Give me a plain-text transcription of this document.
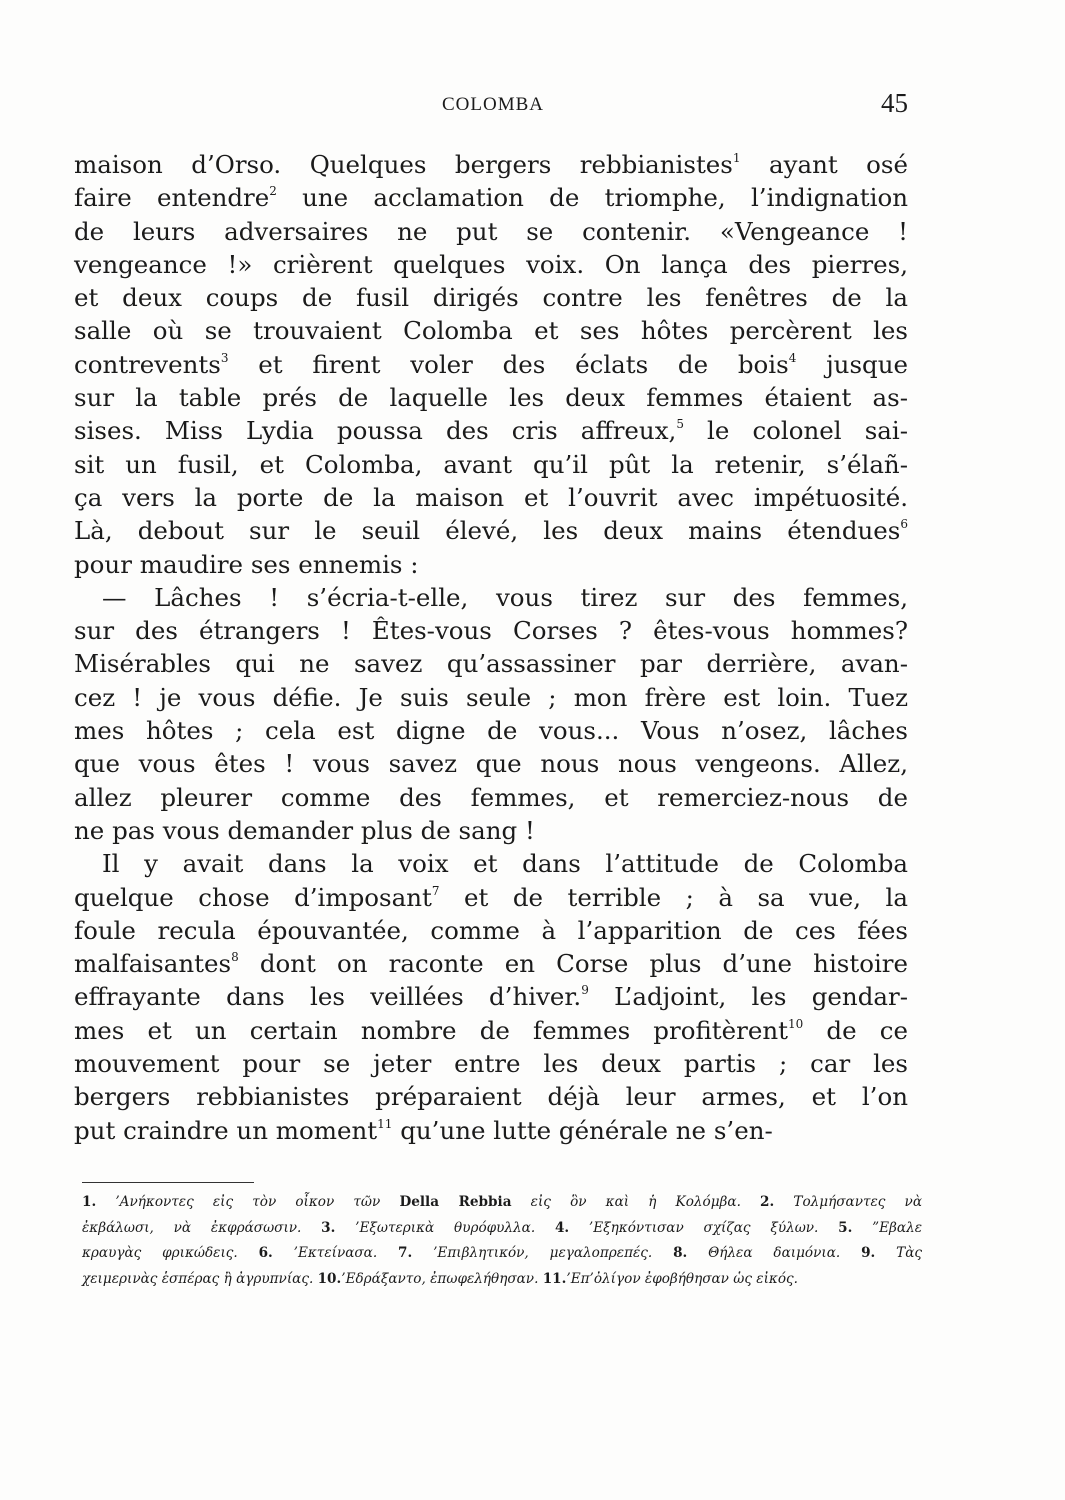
COLOMBA	45
maison d’Orso. Quelques bergers rebbianistes$^1$ ayant osé
faire entendre$^2$ une acclamation de triomphe, l’indignation
de leurs adversaires ne put se contenir. «Vengeance !
vengeance !» crièrent quelques voix. On lança des pierres,
et deux coups de fusil dirigés contre les fenêtres de la
salle où se trouvaient Colomba et ses hôtes percèrent les
contrevents$^3$ et firent voler des éclats de bois$^4$ jusque
sur la table prés de laquelle les deux femmes étaient as-
sises. Miss Lydia poussa des cris affreux,$^5$ le colonel sai-
sit un fusil, et Colomba, avant qu’il pût la retenir, s’élañ-
ça vers la porte de la maison et l’ouvrit avec impétuosité.
Là, debout sur le seuil élevé, les deux mains étendues$^6$
pour maudire ses ennemis :
— Lâches ! s’écria-t-elle, vous tirez sur des femmes,
sur des étrangers ! Êtes-vous Corses ? êtes-vous hommes?
Misérables qui ne savez qu’assassiner par derrière, avan-
cez ! je vous défie. Je suis seule ; mon frère est loin. Tuez
mes hôtes ; cela est digne de vous... Vous n’osez, lâches
que vous êtes ! vous savez que nous nous vengeons. Allez,
allez pleurer comme des femmes, et remerciez-nous de
ne pas vous demander plus de sang !
Il y avait dans la voix et dans l’attitude de Colomba
quelque chose d’imposant$^7$ et de terrible ; à sa vue, la
foule recula épouvantée, comme à l’apparition de ces fées
malfaisantes$^8$ dont on raconte en Corse plus d’une histoire
effrayante dans les veillées d’hiver.$^9$ L’adjoint, les gendar-
mes et un certain nombre de femmes profitèrent$^{10}$ de ce
mouvement pour se jeter entre les deux partis ; car les
bergers rebbianistes préparaient déjà leur armes, et l’on
put craindre un moment$^{11}$ qu’une lutte générale ne s’en-
1. ’Ανήκοντες εἰς τὸν οἶκον τῶν Della Rebbia εἰς ὃν καὶ ἡ Κολόμβα. 2. Τολμήσαντες νὰ
ἐκβάλωσι, νὰ ἐκφράσωσιν. 3. ’Εξωτερικὰ θυρόφυλλα. 4. ’Εξηκόντισαν σχίζας ξύλων. 5. ”Εβαλε
κραυγὰς φρικώδεις. 6. ’Εκτείνασα. 7. ’Επιβλητικόν, μεγαλοπρεπές. 8. Θήλεα δαιμόνια. 9. Τὰς
χειμερινὰς ἑσπέρας ἢ ἀγρυπνίας. 10.’Εδράξαντο, ἐπωφελήθησαν. 11.’Επ’ὀλίγον ἐφοβήθησαν ὡς εἰκός.
